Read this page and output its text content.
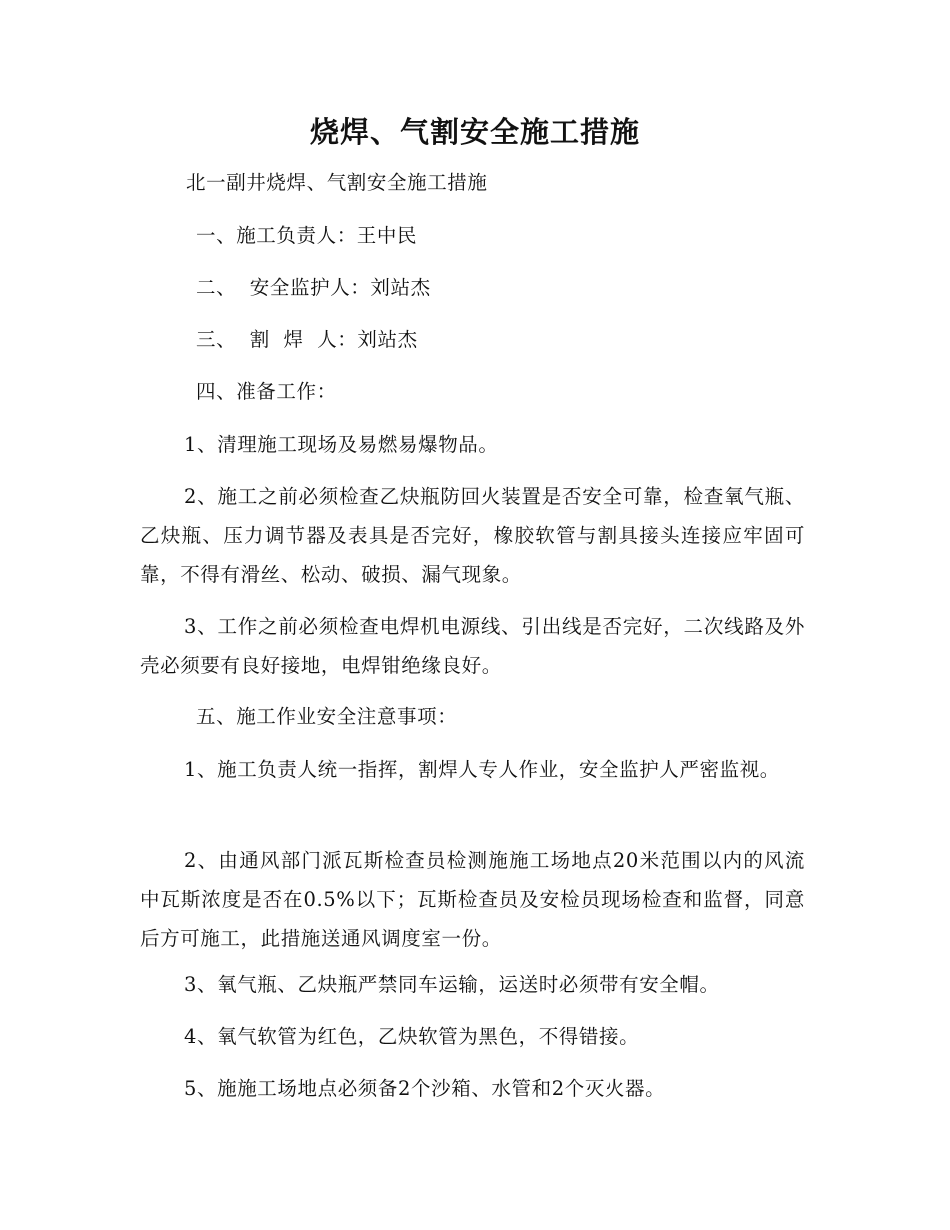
烧焊、气割安全施工措施
北一副井烧焊、气割安全施工措施
一、施工负责人：王中民
二、  安全监护人：刘站杰
三、  割  焊  人：刘站杰
四、准备工作：
1、清理施工现场及易燃易爆物品。
2、施工之前必须检查乙炔瓶防回火装置是否安全可靠，检查氧气瓶、乙炔瓶、压力调节器及表具是否完好，橡胶软管与割具接头连接应牢固可靠，不得有滑丝、松动、破损、漏气现象。
3、工作之前必须检查电焊机电源线、引出线是否完好，二次线路及外壳必须要有良好接地，电焊钳绝缘良好。
五、施工作业安全注意事项：
1、施工负责人统一指挥，割焊人专人作业，安全监护人严密监视。
2、由通风部门派瓦斯检查员检测施施工场地点20米范围以内的风流中瓦斯浓度是否在0.5%以下；瓦斯检查员及安检员现场检查和监督，同意后方可施工，此措施送通风调度室一份。
3、氧气瓶、乙炔瓶严禁同车运输，运送时必须带有安全帽。
4、氧气软管为红色，乙炔软管为黑色，不得错接。
5、施施工场地点必须备2个沙箱、水管和2个灭火器。
